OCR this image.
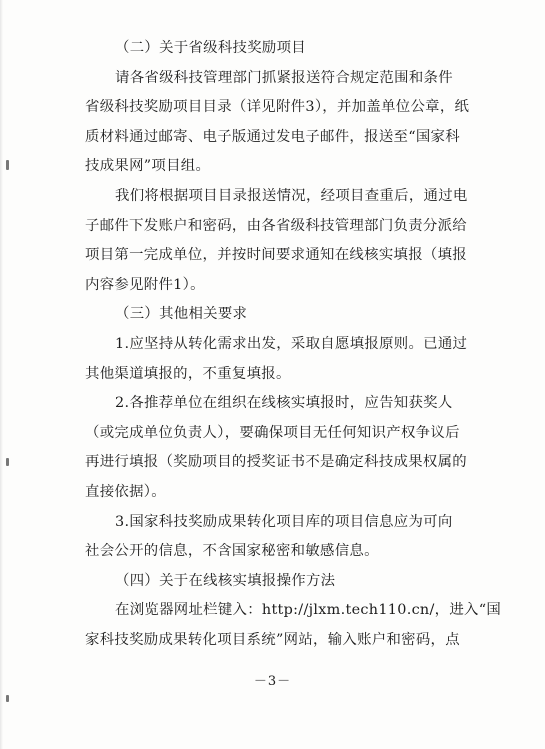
（二）关于省级科技奖励项目
请各省级科技管理部门抓紧报送符合规定范围和条件
省级科技奖励项目目录（详见附件3），并加盖单位公章，纸
质材料通过邮寄、电子版通过发电子邮件，报送至“国家科
技成果网”项目组。
我们将根据项目目录报送情况，经项目查重后，通过电
子邮件下发账户和密码，由各省级科技管理部门负责分派给
项目第一完成单位，并按时间要求通知在线核实填报（填报
内容参见附件1）。
（三）其他相关要求
1.应坚持从转化需求出发，采取自愿填报原则。已通过
其他渠道填报的，不重复填报。
2.各推荐单位在组织在线核实填报时，应告知获奖人
（或完成单位负责人），要确保项目无任何知识产权争议后
再进行填报（奖励项目的授奖证书不是确定科技成果权属的
直接依据）。
3.国家科技奖励成果转化项目库的项目信息应为可向
社会公开的信息，不含国家秘密和敏感信息。
（四）关于在线核实填报操作方法
在浏览器网址栏键入：http://jlxm.tech110.cn/，进入“国
家科技奖励成果转化项目系统”网站，输入账户和密码，点
－3－
